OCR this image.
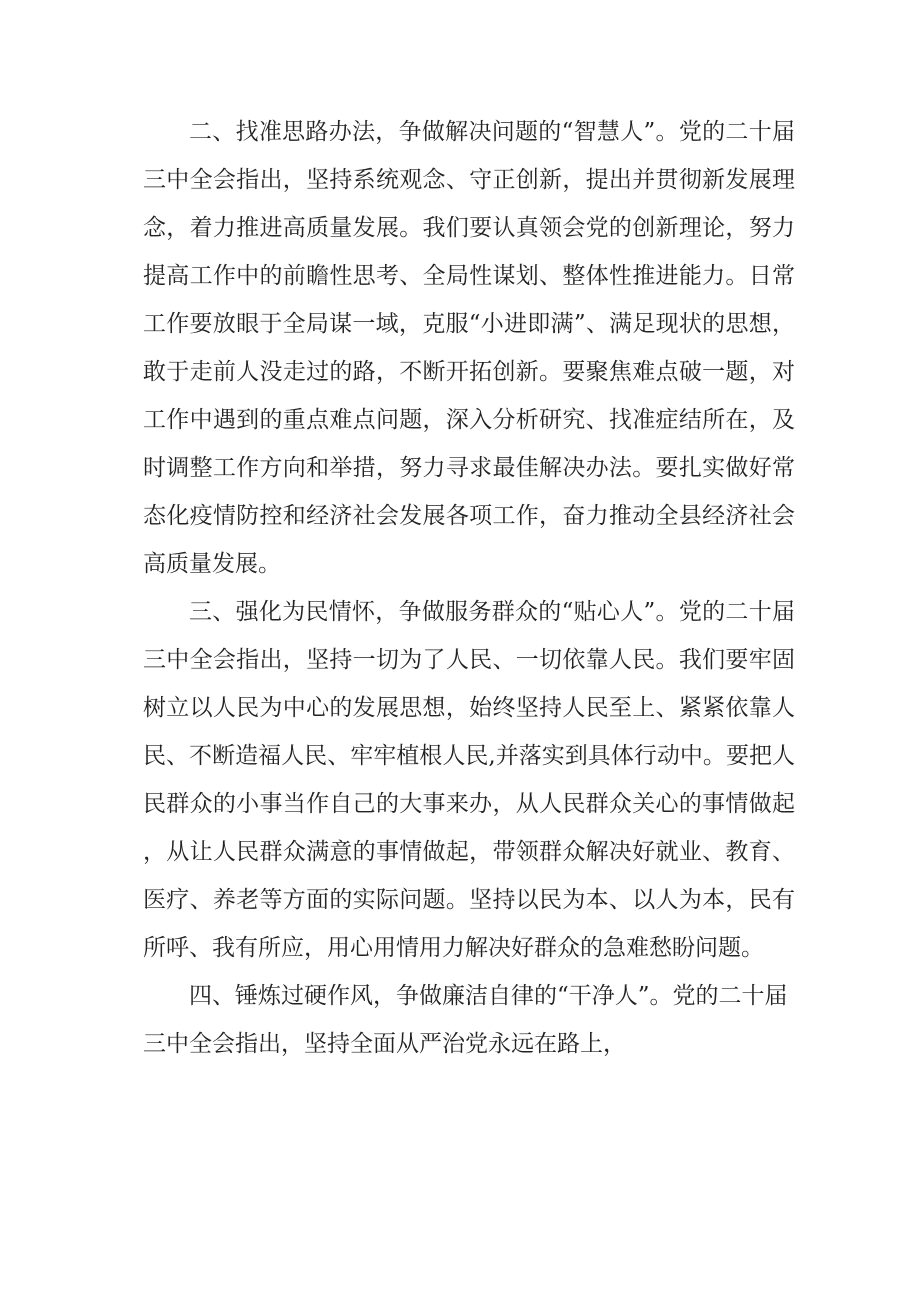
二、找准思路办法，争做解决问题的“智慧人”。党的二十届三中全会指出，坚持系统观念、守正创新，提出并贯彻新发展理念，着力推进高质量发展。我们要认真领会党的创新理论，努力提高工作中的前瞻性思考、全局性谋划、整体性推进能力。日常工作要放眼于全局谋一域，克服“小进即满”、满足现状的思想，敢于走前人没走过的路，不断开拓创新。要聚焦难点破一题，对工作中遇到的重点难点问题，深入分析研究、找准症结所在，及时调整工作方向和举措，努力寻求最佳解决办法。要扎实做好常态化疫情防控和经济社会发展各项工作，奋力推动全县经济社会高质量发展。

三、强化为民情怀，争做服务群众的“贴心人”。党的二十届三中全会指出，坚持一切为了人民、一切依靠人民。我们要牢固树立以人民为中心的发展思想，始终坚持人民至上、紧紧依靠人民、不断造福人民、牢牢植根人民,并落实到具体行动中。要把人民群众的小事当作自己的大事来办，从人民群众关心的事情做起，从让人民群众满意的事情做起，带领群众解决好就业、教育、医疗、养老等方面的实际问题。坚持以民为本、以人为本，民有所呼、我有所应，用心用情用力解决好群众的急难愁盼问题。

四、锤炼过硬作风，争做廉洁自律的“干净人”。党的二十届三中全会指出，坚持全面从严治党永远在路上，
